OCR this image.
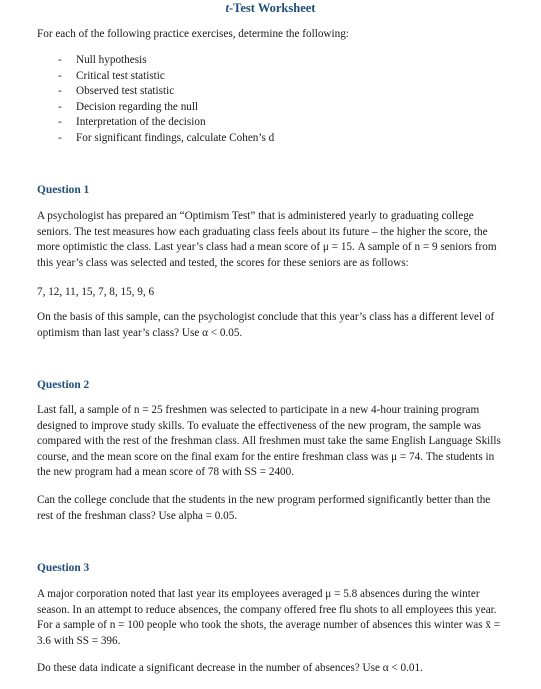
t-Test Worksheet

For each of the following practice exercises, determine the following:

- Null hypothesis
- Critical test statistic
- Observed test statistic
- Decision regarding the null
- Interpretation of the decision
- For significant findings, calculate Cohen’s d
Question 1

A psychologist has prepared an “Optimism Test” that is administered yearly to graduating college seniors. The test measures how each graduating class feels about its future – the higher the score, the more optimistic the class. Last year’s class had a mean score of μ = 15. A sample of n = 9 seniors from this year’s class was selected and tested, the scores for these seniors are as follows:

7, 12, 11, 15, 7, 8, 15, 9, 6

On the basis of this sample, can the psychologist conclude that this year’s class has a different level of optimism than last year’s class? Use α < 0.05.

Question 2

Last fall, a sample of n = 25 freshmen was selected to participate in a new 4-hour training program designed to improve study skills. To evaluate the effectiveness of the new program, the sample was compared with the rest of the freshman class. All freshmen must take the same English Language Skills course, and the mean score on the final exam for the entire freshman class was μ = 74. The students in the new program had a mean score of 78 with SS = 2400.

Can the college conclude that the students in the new program performed significantly better than the rest of the freshman class? Use alpha = 0.05.

Question 3

A major corporation noted that last year its employees averaged μ = 5.8 absences during the winter season. In an attempt to reduce absences, the company offered free flu shots to all employees this year. For a sample of n = 100 people who took the shots, the average number of absences this winter was x̄ = 3.6 with SS = 396.

Do these data indicate a significant decrease in the number of absences? Use α < 0.01.
